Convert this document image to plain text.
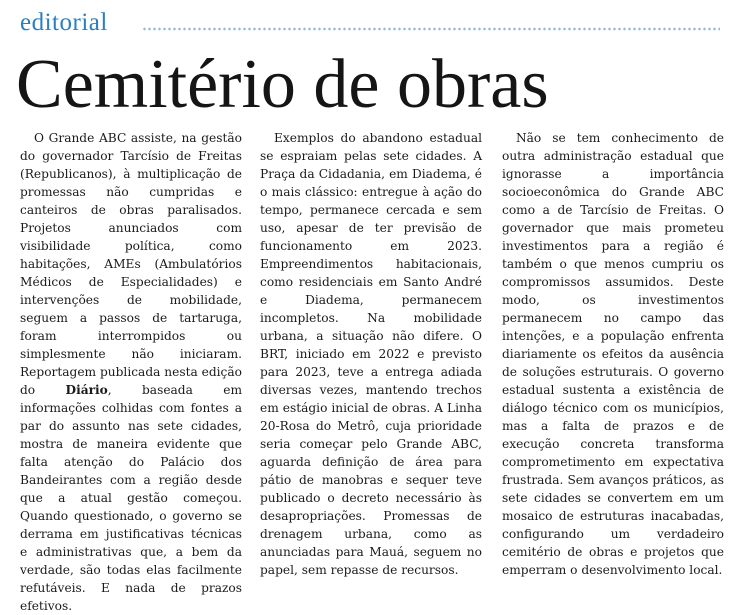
editorial
Cemitério de obras

O Grande ABC assiste, na gestão do governador Tarcísio de Freitas (Republicanos), à multiplicação de promessas não cumpridas e canteiros de obras paralisados. Projetos anunciados com visibilidade política, como habitações, AMEs (Ambulatórios Médicos de Especialidades) e intervenções de mobilidade, seguem a passos de tartaruga, foram interrompidos ou simplesmente não iniciaram. Reportagem publicada nesta edição do Diário, baseada em informações colhidas com fontes a par do assunto nas sete cidades, mostra de maneira evidente que falta atenção do Palácio dos Bandeirantes com a região desde que a atual gestão começou. Quando questionado, o governo se derrama em justificativas técnicas e administrativas que, a bem da verdade, são todas elas facilmente refutáveis. E nada de prazos efetivos.

Exemplos do abandono estadual se espraiam pelas sete cidades. A Praça da Cidadania, em Diadema, é o mais clássico: entregue à ação do tempo, permanece cercada e sem uso, apesar de ter previsão de funcionamento em 2023. Empreendimentos habitacionais, como residenciais em Santo André e Diadema, permanecem incompletos. Na mobilidade urbana, a situação não difere. O BRT, iniciado em 2022 e previsto para 2023, teve a entrega adiada diversas vezes, mantendo trechos em estágio inicial de obras. A Linha 20-Rosa do Metrô, cuja prioridade seria começar pelo Grande ABC, aguarda definição de área para pátio de manobras e sequer teve publicado o decreto necessário às desapropriações. Promessas de drenagem urbana, como as anunciadas para Mauá, seguem no papel, sem repasse de recursos.

Não se tem conhecimento de outra administração estadual que ignorasse a importância socioeconômica do Grande ABC como a de Tarcísio de Freitas. O governador que mais prometeu investimentos para a região é também o que menos cumpriu os compromissos assumidos. Deste modo, os investimentos permanecem no campo das intenções, e a população enfrenta diariamente os efeitos da ausência de soluções estruturais. O governo estadual sustenta a existência de diálogo técnico com os municípios, mas a falta de prazos e de execução concreta transforma comprometimento em expectativa frustrada. Sem avanços práticos, as sete cidades se convertem em um mosaico de estruturas inacabadas, configurando um verdadeiro cemitério de obras e projetos que emperram o desenvolvimento local.
